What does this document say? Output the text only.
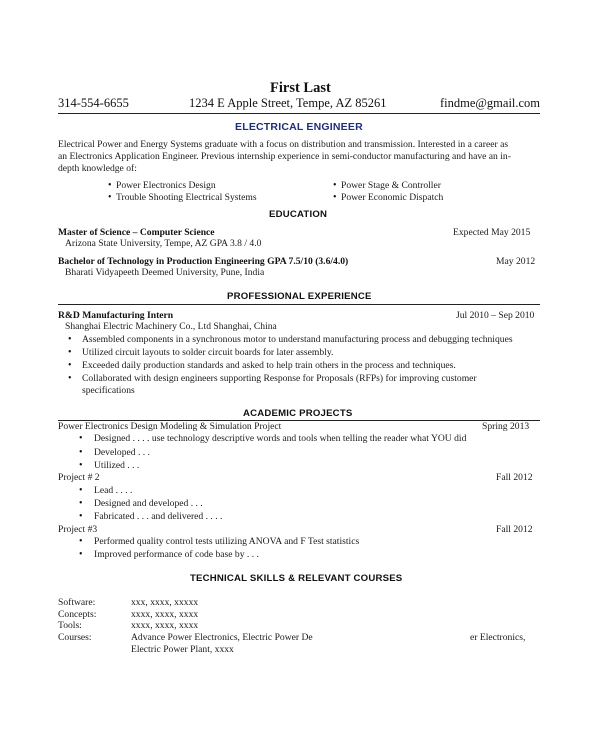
First Last
314-554-6655	1234 E Apple Street, Tempe, AZ 85261	findme@gmail.com
ELECTRICAL ENGINEER
Electrical Power and Energy Systems graduate with a focus on distribution and transmission. Interested in a career as
an Electronics Application Engineer. Previous internship experience in semi-conductor manufacturing and have an in-
depth knowledge of:
• Power Electronics Design
• Trouble Shooting Electrical Systems
• Power Stage & Controller
• Power Economic Dispatch
EDUCATION
Master of Science – Computer Science	Expected May 2015
Arizona State University, Tempe, AZ GPA 3.8 / 4.0
Bachelor of Technology in Production Engineering GPA 7.5/10 (3.6/4.0)	May 2012
Bharati Vidyapeeth Deemed University, Pune, India
PROFESSIONAL EXPERIENCE
R&D Manufacturing Intern	Jul 2010 – Sep 2010
Shanghai Electric Machinery Co., Ltd Shanghai, China
• Assembled components in a synchronous motor to understand manufacturing process and debugging techniques
• Utilized circuit layouts to solder circuit boards for later assembly.
• Exceeded daily production standards and asked to help train others in the process and techniques.
• Collaborated with design engineers supporting Response for Proposals (RFPs) for improving customer
specifications
ACADEMIC PROJECTS
Power Electronics Design Modeling & Simulation Project	Spring 2013
• Designed . . . . use technology descriptive words and tools when telling the reader what YOU did
• Developed . . .
• Utilized . . .
Project # 2	Fall 2012
• Lead . . . .
• Designed and developed . . .
• Fabricated . . . and delivered . . . .
Project #3	Fall 2012
• Performed quality control tests utilizing ANOVA and F Test statistics
• Improved performance of code base by . . .
TECHNICAL SKILLS & RELEVANT COURSES
Software:	xxx, xxxx, xxxxx
Concepts:	xxxx, xxxx, xxxx
Tools:	xxxx, xxxx, xxxx
Courses:	Advance Power Electronics, Electric Power De	er Electronics,
Electric Power Plant, xxxx
